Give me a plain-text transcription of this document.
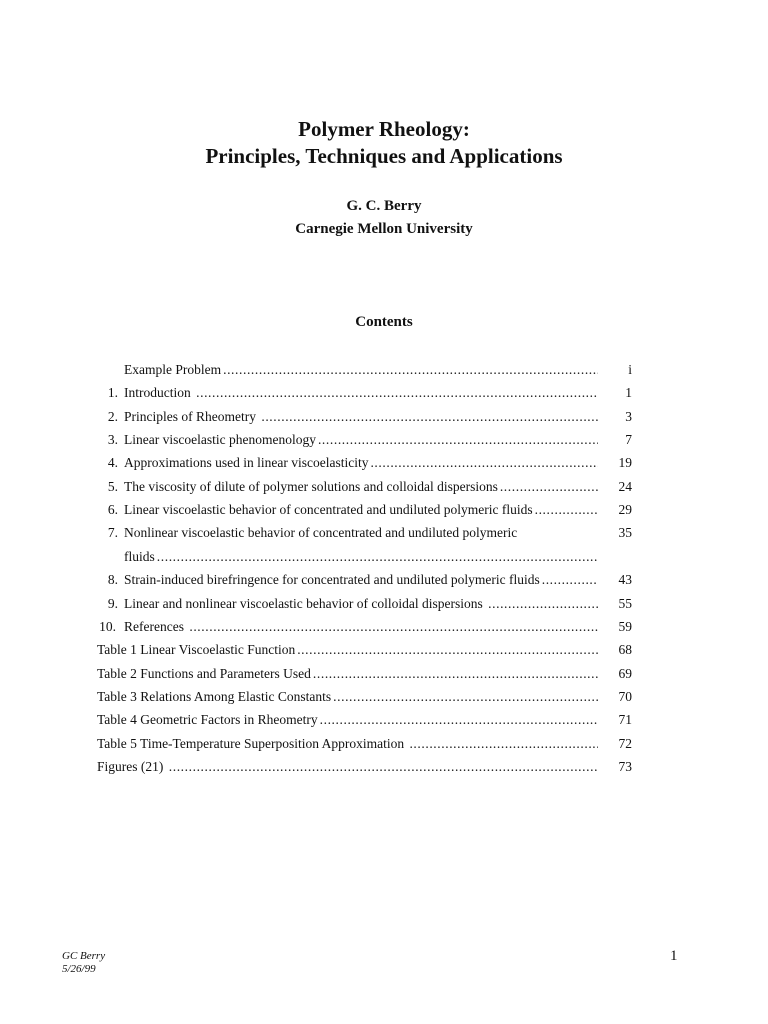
Polymer Rheology:
Principles, Techniques and Applications
G. C. Berry
Carnegie Mellon University
Contents
Example Problem .....	i
1. Introduction .....	1
2. Principles of Rheometry .....	3
3. Linear viscoelastic phenomenology .....	7
4. Approximations used in linear viscoelasticity .....	19
5. The viscosity of dilute of polymer solutions and colloidal dispersions .....	24
6. Linear viscoelastic behavior of concentrated and undiluted polymeric fluids .....	29
7. Nonlinear viscoelastic behavior of concentrated and undiluted polymeric	35
fluids .....
8. Strain-induced birefringence for concentrated and undiluted polymeric fluids .....	43
9. Linear and nonlinear viscoelastic behavior of colloidal dispersions .....	55
10. References .....	59
Table 1 Linear Viscoelastic Function .....	68
Table 2 Functions and Parameters Used .....	69
Table 3 Relations Among Elastic Constants .....	70
Table 4 Geometric Factors in Rheometry .....	71
Table 5 Time-Temperature Superposition Approximation .....	72
Figures (21) .....	73
GC Berry
5/26/99
1
